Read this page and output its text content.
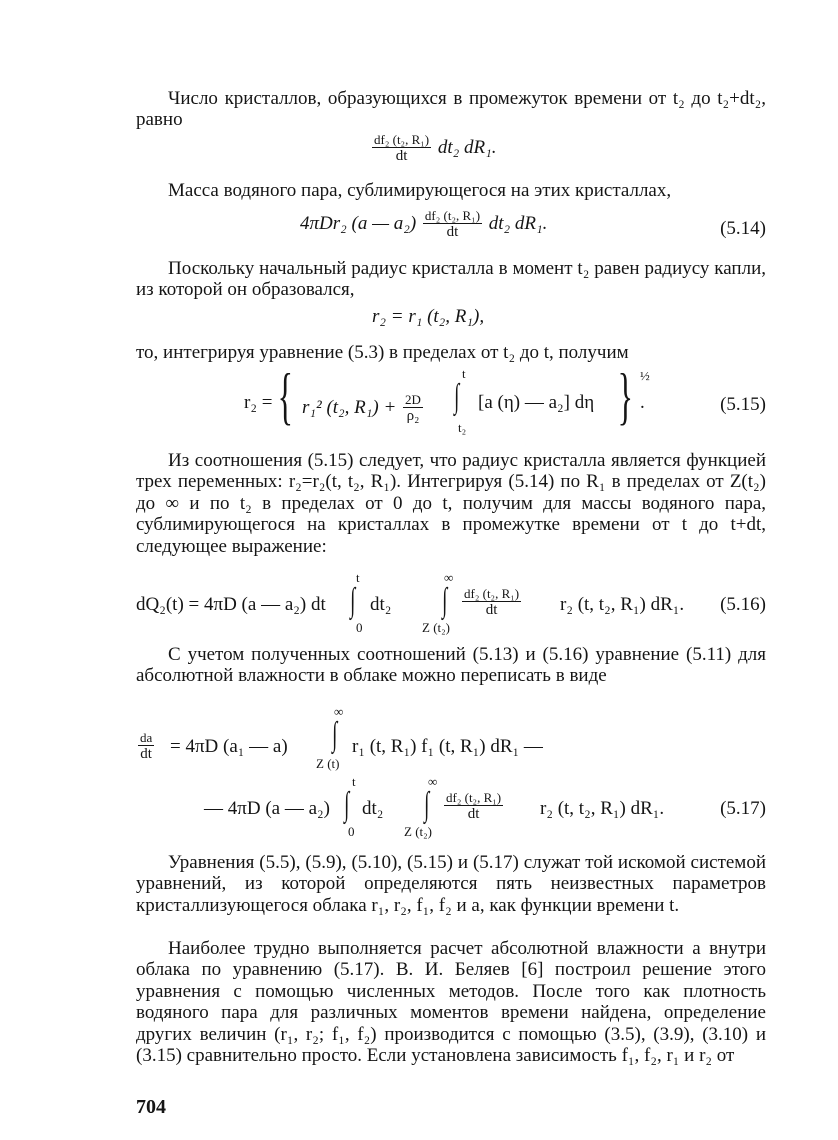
Число кристаллов, образующихся в промежуток времени от t₂ до t₂+dt₂, равно
$\frac{\text{df₂ (t₂, R₁)}}{dt} dt_2$ dR₁.
Масса водяного пара, сублимирующегося на этих кристаллах,
4πDr₂ (a — $a_2) \frac{\text{df₂ (t₂, R₁)}}{dt} dt_2$ dR₁.	(5.14)
Поскольку начальный радиус кристалла в момент t₂ равен радиусу капли, из которой он образовался,
r₂ = r₁ (t₂, R₁),
то, интегрируя уравнение (5.3) в пределах от t₂ до t, получим
r₂ = { r₁² (t₂, $R_1) + \frac{2D}{\text{ρ₂}}$
t
∫
t₂
[a (η) — a₂] dη } ½
.	(5.15)
Из соотношения (5.15) следует, что радиус кристалла является функцией трех переменных: r₂=r₂(t, t₂, R₁). Интегрируя (5.14) по R₁ в пределах от Z(t₂) до ∞ и по t₂ в пределах от 0 до t, получим для массы водяного пара, сублимирующегося на кристаллах в промежутке времени от t до t+dt, следующее выражение:
dQ₂(t) = 4πD (a — a₂) dt
t
∫
0
dt₂
∞
∫
Z (t₂)
$\frac{\text{df₂ (t₂, R₁)}}{dt} r_2$ (t, t₂, R₁) dR₁. (5.16)
С учетом полученных соотношений (5.13) и (5.16) уравнение (5.11) для абсолютной влажности в облаке можно переписать в виде
$\frac{da}{dt} = 4\pi D$ (a₁ — a)
∞
∫
Z (t)
r₁ (t, R₁) f₁ (t, R₁) dR₁ —
— 4πD (a — a₂)
t
∫
0
dt₂
∞
∫
Z (t₂)
$\frac{\text{df₂ (t₂, R₁)}}{dt} r_2$ (t, t₂, R₁) dR₁.	(5.17)
Уравнения (5.5), (5.9), (5.10), (5.15) и (5.17) служат той искомой системой уравнений, из которой определяются пять неизвестных параметров кристаллизующегося облака r₁, r₂, f₁, f₂ и a, как функции времени t.
Наиболее трудно выполняется расчет абсолютной влажности a внутри облака по уравнению (5.17). В. И. Беляев [6] построил решение этого уравнения с помощью численных методов. После того как плотность водяного пара для различных моментов времени найдена, определение других величин (r₁, r₂; f₁, f₂) производится с помощью (3.5), (3.9), (3.10) и (3.15) сравнительно просто. Если установлена зависимость f₁, f₂, r₁ и r₂ от
704
